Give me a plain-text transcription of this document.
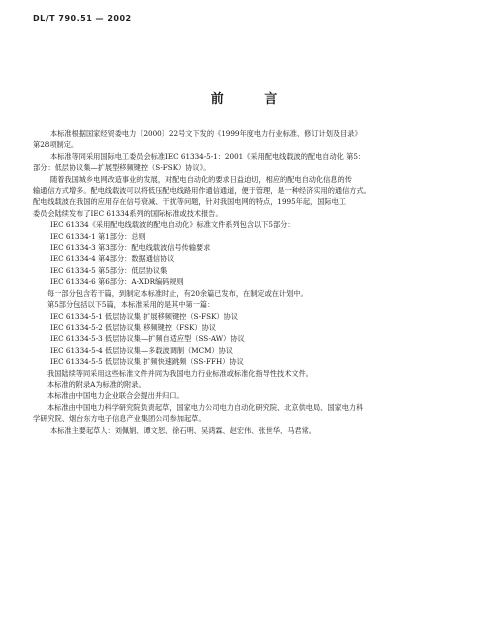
DL/T 790.51 — 2002
前 言

本标准根据国家经贸委电力〔2000〕22号文下发的《1999年度电力行业标准、修订计划及目录》

第28项制定。

本标准等同采用国际电工委员会标准IEC 61334-5-1：2001《采用配电线载波的配电自动化 第5：

部分：低层协议集—扩展型移频键控（S-FSK）协议》。

随着我国城乡电网改造事业的发展，对配电自动化的要求日益迫切，相应的配电自动化信息的传

输通信方式增多。配电线载波可以将低压配电线路用作通信通道，便于管理，是一种经济实用的通信方式。

配电线载波在我国的应用存在信号衰减、干扰等问题，针对我国电网的特点，1995年起，国际电工

委员会陆续发布了IEC 61334系列的国际标准或技术报告。

IEC 61334《采用配电线载波的配电自动化》标准文件系列包含以下5部分：

IEC 61334-1 第1部分：总则

IEC 61334-3 第3部分：配电线载波信号传输要求

IEC 61334-4 第4部分：数据通信协议

IEC 61334-5 第5部分：低层协议集

IEC 61334-6 第6部分：A-XDR编码规则

每一部分包含若干篇，到制定本标准时止，有20余篇已发布，在制定或在计划中。

第5部分包括以下5篇，本标准采用的是其中第一篇：

IEC 61334-5-1 低层协议集 扩展移频键控（S-FSK）协议

IEC 61334-5-2 低层协议集 移频键控（FSK）协议

IEC 61334-5-3 低层协议集—扩频自适应型（SS-AW）协议

IEC 61334-5-4 低层协议集—多载波调制（MCM）协议

IEC 61334-5-5 低层协议集 扩频快速跳频（SS-FFH）协议

我国陆续等同采用这些标准文件并同为我国电力行业标准或标准化指导性技术文件。

本标准的附录A为标准的附录。

本标准由中国电力企业联合会提出并归口。

本标准由中国电力科学研究院负责起草，国家电力公司电力自动化研究院、北京供电局、国家电力科

学研究院、烟台东方电子信息产业集团公司参加起草。

本标准主要起草人：刘佩娟、谭文恕、徐石明、吴鸿霖、赵宏伟、张世华、马君常。
